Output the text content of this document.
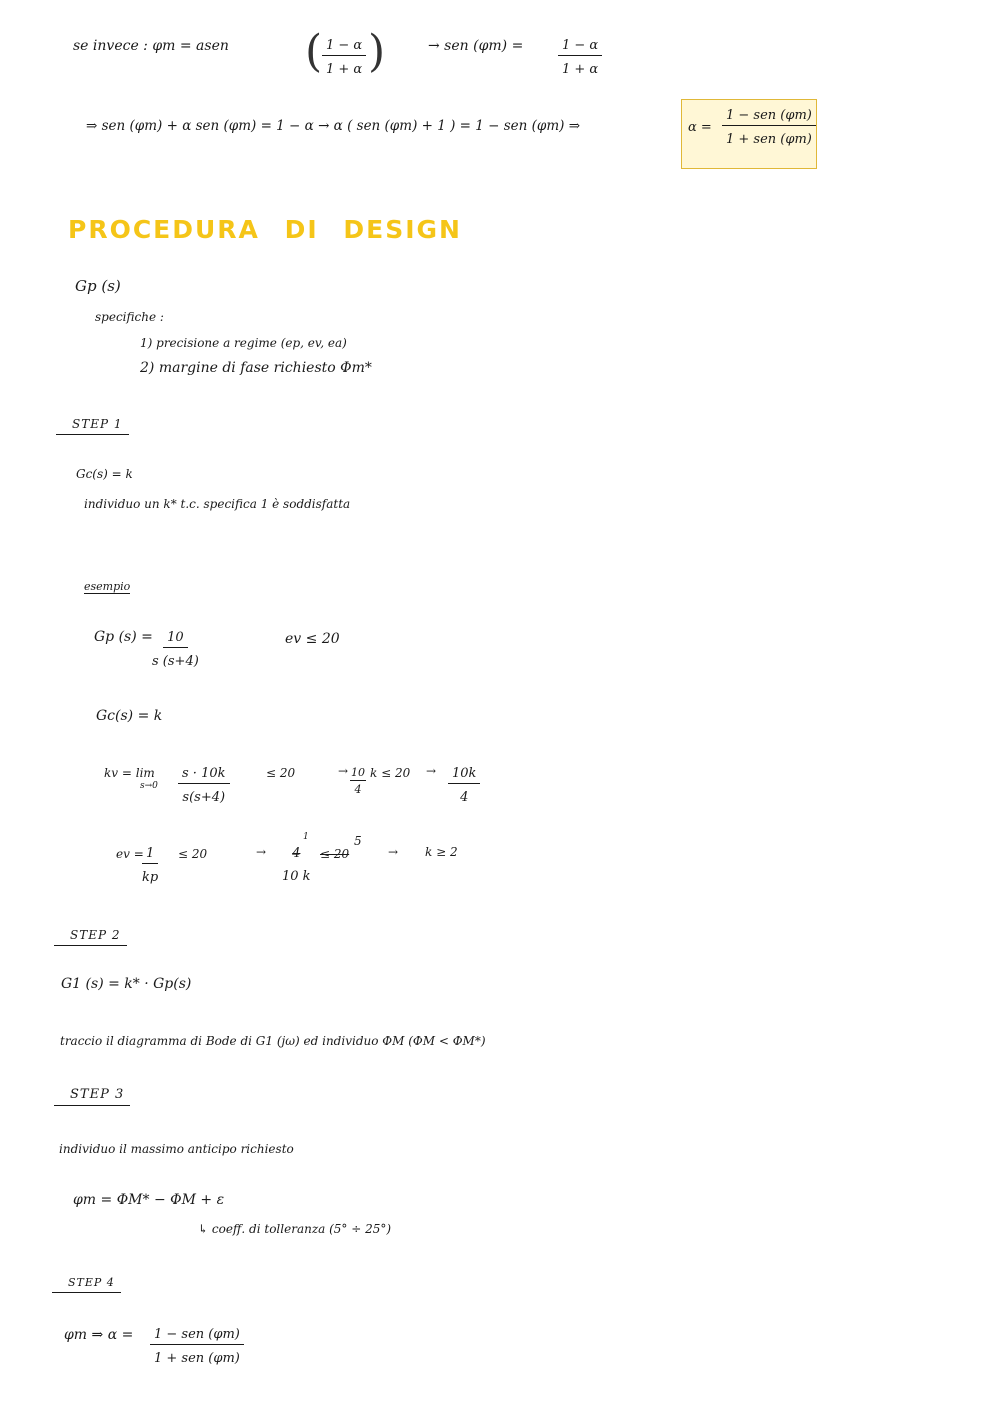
se invece : φm = asen ( $\frac{1 - \alpha}{1 + \alpha}$ )	→ sen (φm) =	$\frac{1 - \alpha}{1 + \alpha}$
⇒ sen (φm) + α sen (φm) = 1 − α → α ( sen (φm) + 1 ) = 1 − sen (φm) ⇒	α =
1 − sen (φm)
1 + sen (φm)
PROCEDURA DI DESIGN
Gp (s)
specifiche :
1) precisione a regime (ep, ev, ea)
2) margine di fase richiesto Φm*
STEP 1
Gc(s) = k
individuo un k* t.c. specifica 1 è soddisfatta
esempio
Gp $(s) = \frac{10}{s (s+4)}$	ev ≤ 20
Gc(s) = k
kv = lim
$s\to 0 \frac{s \cdot 10k}{s(s+4)}$	≤ 20	→ $\frac{10}{4}$ $k \le 20 \to \frac{10k}{4}$
ev =
$\frac{1}{kp} \le 20$	→
1
4
10 k
≤ 20
5
→ k ≥ 2
STEP 2
G1 (s) = k* · Gp(s)
traccio il diagramma di Bode di G1 (jω) ed individuo ΦM (ΦM < ΦM*)
STEP 3
individuo il massimo anticipo richiesto
φm = ΦM* − ΦM + ε
↳ coeff. di tolleranza (5° ÷ 25°)
STEP 4
φm ⇒ α =	1 − sen (φm)
1 + sen (φm)
